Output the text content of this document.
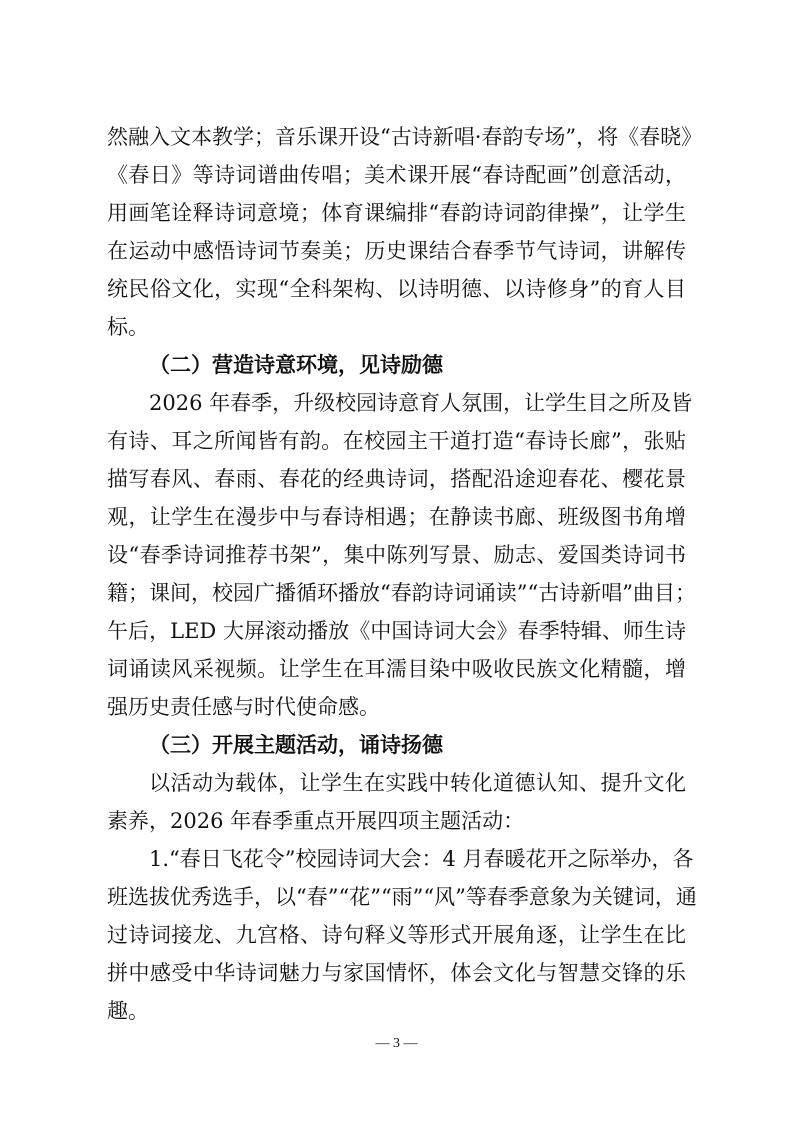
然融入文本教学；音乐课开设“古诗新唱·春韵专场”，将《春晓》
《春日》等诗词谱曲传唱；美术课开展“春诗配画”创意活动，
用画笔诠释诗词意境；体育课编排“春韵诗词韵律操”，让学生
在运动中感悟诗词节奏美；历史课结合春季节气诗词，讲解传
统民俗文化，实现“全科架构、以诗明德、以诗修身”的育人目
标。
（二）营造诗意环境，见诗励德
2026 年春季，升级校园诗意育人氛围，让学生目之所及皆
有诗、耳之所闻皆有韵。在校园主干道打造“春诗长廊”，张贴
描写春风、春雨、春花的经典诗词，搭配沿途迎春花、樱花景
观，让学生在漫步中与春诗相遇；在静读书廊、班级图书角增
设“春季诗词推荐书架”，集中陈列写景、励志、爱国类诗词书
籍；课间，校园广播循环播放“春韵诗词诵读”“古诗新唱”曲目；
午后，LED 大屏滚动播放《中国诗词大会》春季特辑、师生诗
词诵读风采视频。让学生在耳濡目染中吸收民族文化精髓，增
强历史责任感与时代使命感。
（三）开展主题活动，诵诗扬德
以活动为载体，让学生在实践中转化道德认知、提升文化
素养，2026 年春季重点开展四项主题活动：
1.“春日飞花令”校园诗词大会：4 月春暖花开之际举办，各
班选拔优秀选手，以“春”“花”“雨”“风”等春季意象为关键词，通
过诗词接龙、九宫格、诗句释义等形式开展角逐，让学生在比
拼中感受中华诗词魅力与家国情怀，体会文化与智慧交锋的乐
趣。
— 3 —
